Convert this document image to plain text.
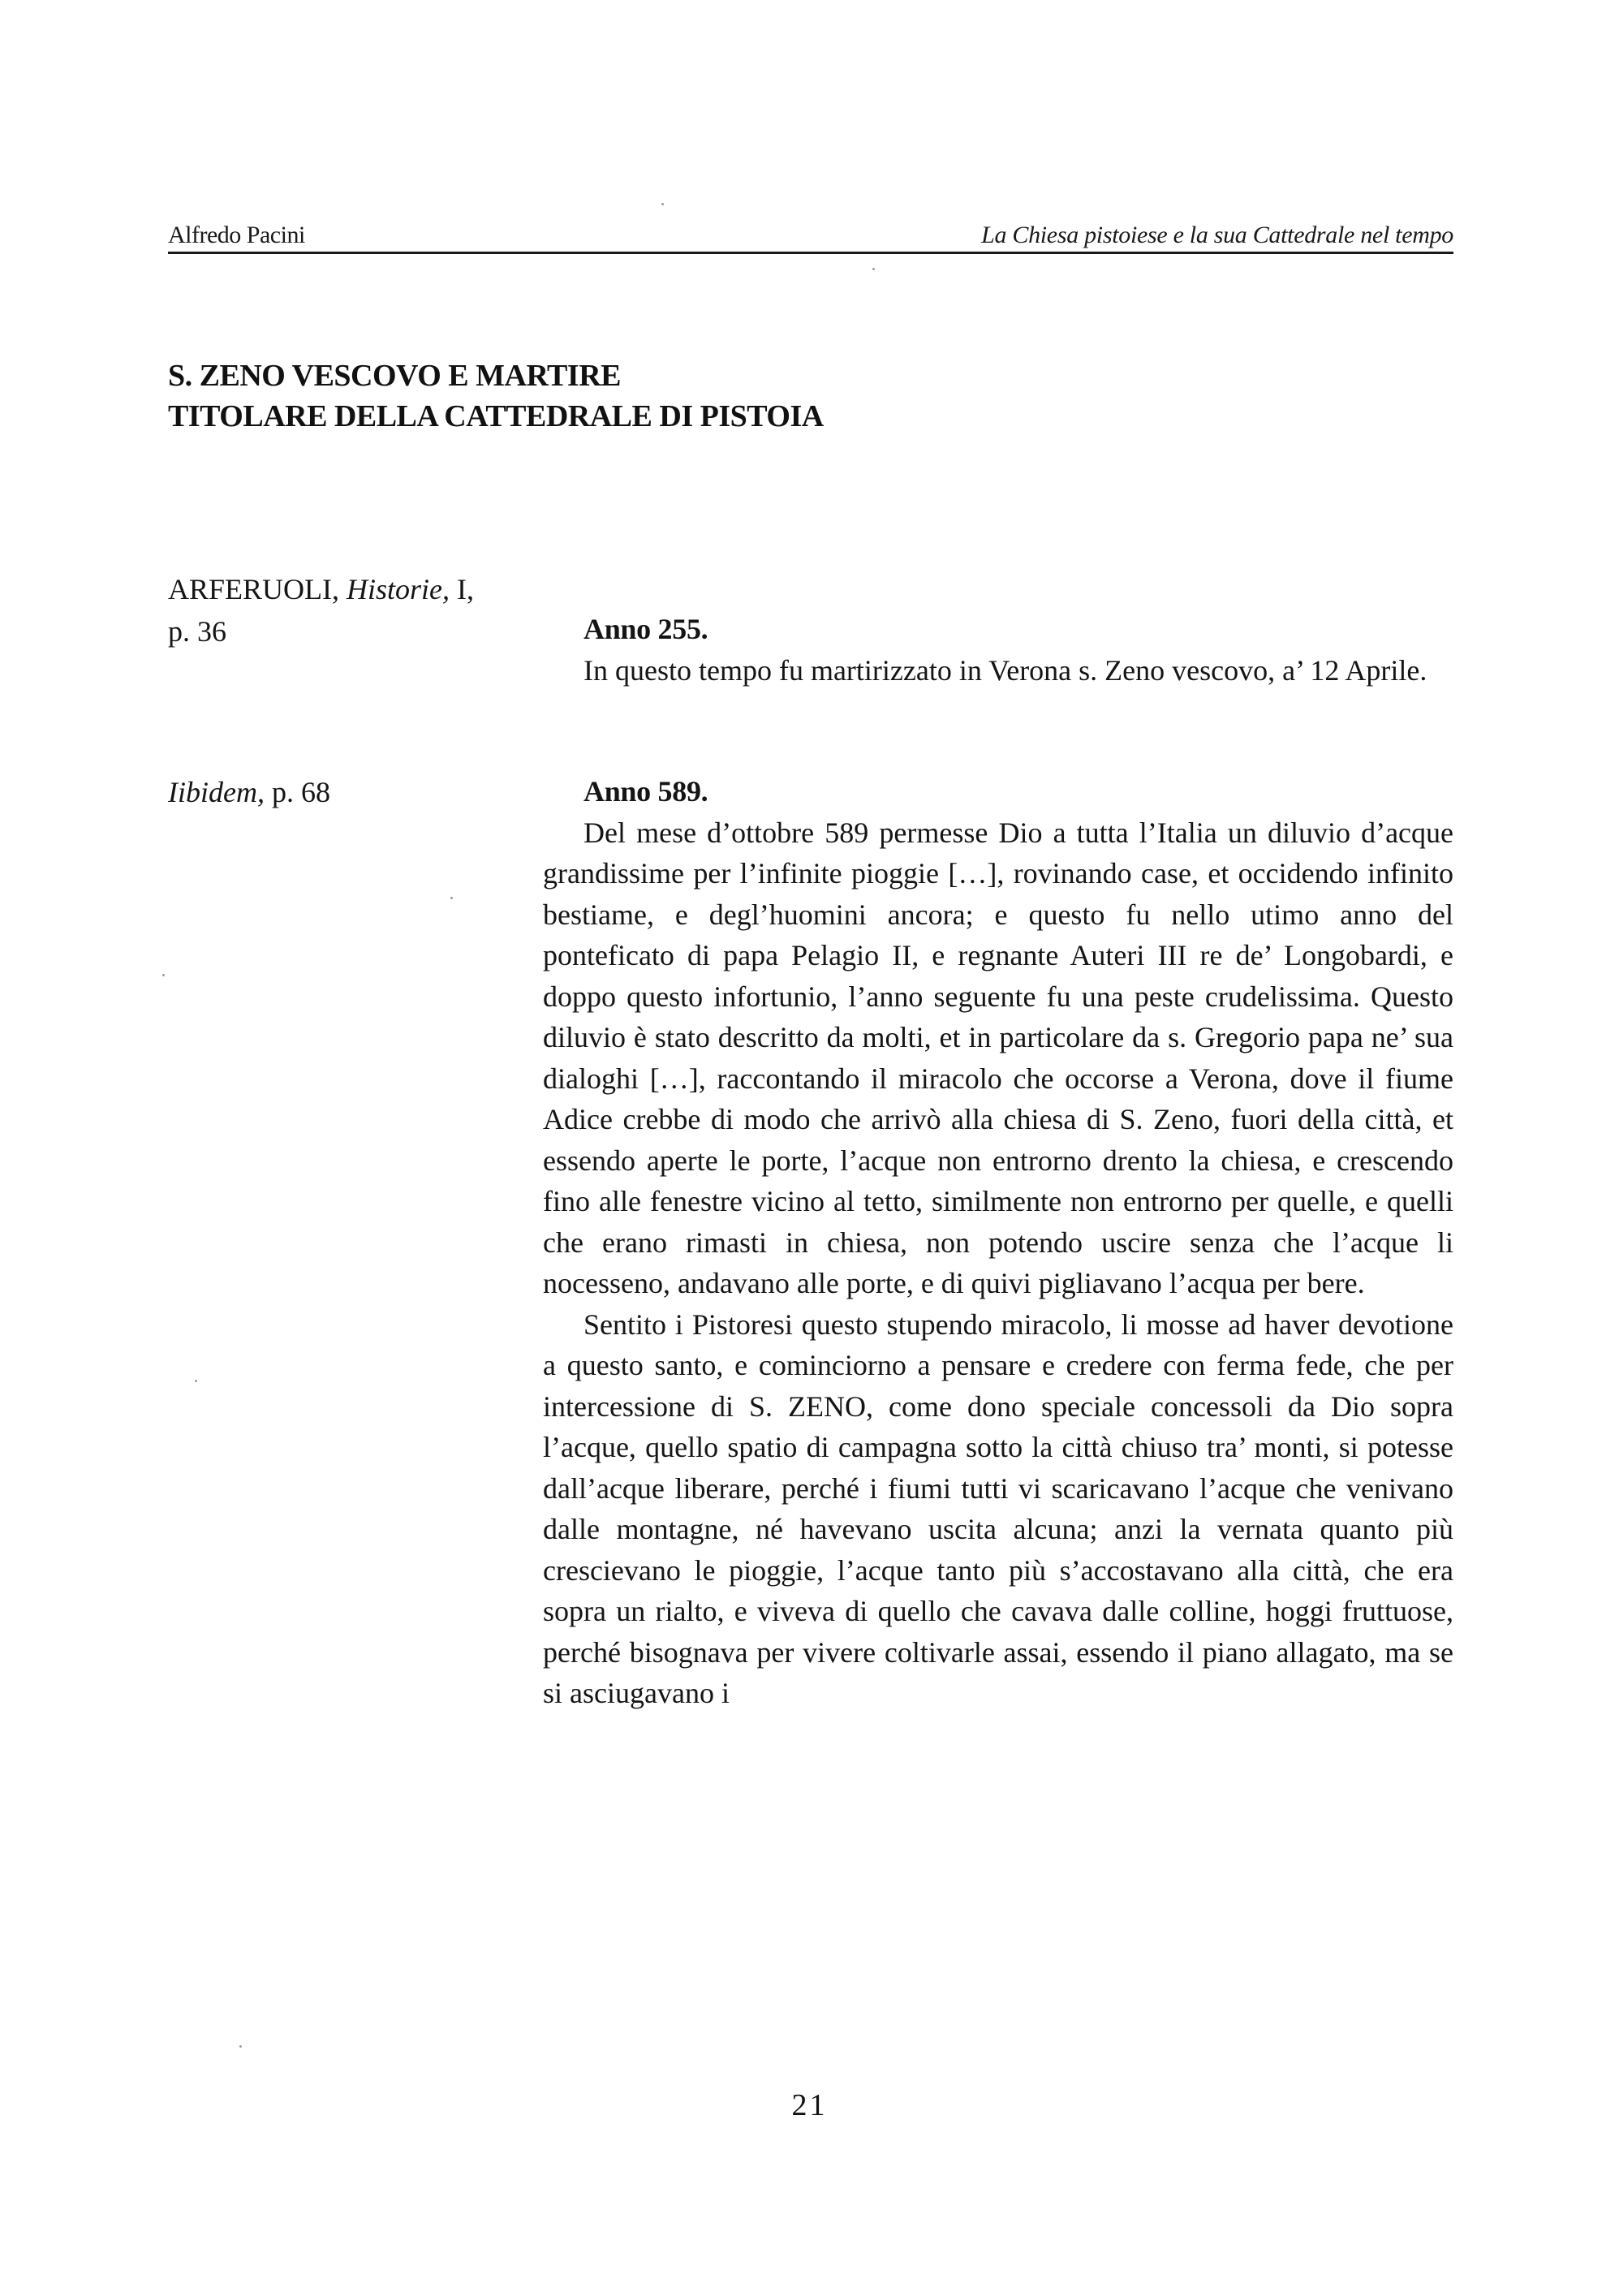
Alfredo Pacini	La Chiesa pistoiese e la sua Cattedrale nel tempo
S. ZENO VESCOVO E MARTIRE
TITOLARE DELLA CATTEDRALE DI PISTOIA
ARFERUOLI, Historie, I,
p. 36	Anno 255.

In questo tempo fu martirizzato in Verona s. Zeno vescovo, a’ 12 Aprile.

Iibidem, p. 68	Anno 589.

Del mese d’ottobre 589 permesse Dio a tutta l’Italia un diluvio d’acque grandissime per l’infinite pioggie […], rovinando case, et occidendo infinito bestiame, e degl’huomini ancora; e questo fu nello utimo anno del ponteficato di papa Pelagio II, e regnante Auteri III re de’ Longobardi, e doppo questo infortunio, l’anno seguente fu una peste crudelissima. Questo diluvio è stato descritto da molti, et in particolare da s. Gregorio papa ne’ sua dialoghi […], raccontando il miracolo che occorse a Verona, dove il fiume Adice crebbe di modo che arrivò alla chiesa di S. Zeno, fuori della città, et essendo aperte le porte, l’acque non entrorno drento la chiesa, e crescendo fino alle fenestre vicino al tetto, similmente non entrorno per quelle, e quelli che erano rimasti in chiesa, non potendo uscire senza che l’acque li nocesseno, andavano alle porte, e di quivi pigliavano l’acqua per bere.

Sentito i Pistoresi questo stupendo miracolo, li mosse ad haver devotione a questo santo, e cominciorno a pensare e credere con ferma fede, che per intercessione di S. ZENO, come dono speciale concessoli da Dio sopra l’acque, quello spatio di campagna sotto la città chiuso tra’ monti, si potesse dall’acque liberare, perché i fiumi tutti vi scaricavano l’acque che venivano dalle montagne, né havevano uscita alcuna; anzi la vernata quanto più crescievano le pioggie, l’acque tanto più s’accostavano alla città, che era sopra un rialto, e viveva di quello che cavava dalle colline, hoggi fruttuose, perché bisognava per vivere coltivarle assai, essendo il piano allagato, ma se si asciugavano i

21
